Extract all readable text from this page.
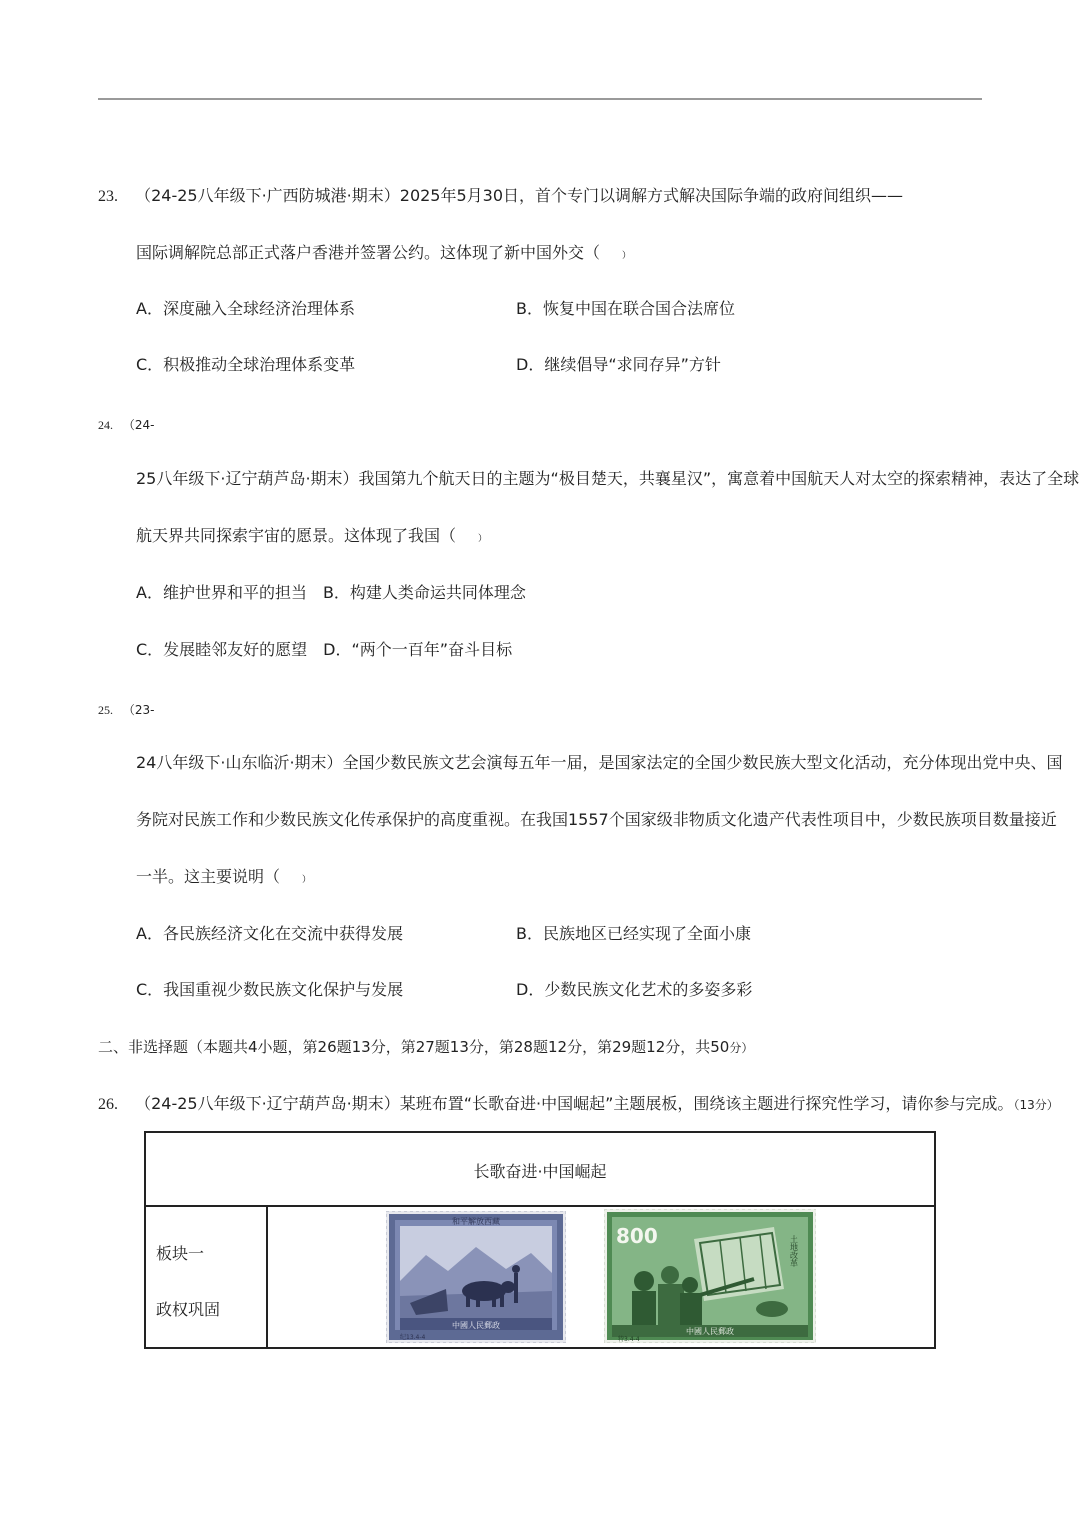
23. （24-25八年级下·广西防城港·期末）2025年5月30日，首个专门以调解方式解决国际争端的政府间组织——
国际调解院总部正式落户香港并签署公约。这体现了新中国外交（ ）
A．深度融入全球经济治理体系	B．恢复中国在联合国合法席位
C．积极推动全球治理体系变革	D．继续倡导“求同存异”方针
24. （24-
25八年级下·辽宁葫芦岛·期末）我国第九个航天日的主题为“极目楚天，共襄星汉”，寓意着中国航天人对太空的探索精神，表达了全球
航天界共同探索宇宙的愿景。这体现了我国（ ）
A．维护世界和平的担当　B．构建人类命运共同体理念
C．发展睦邻友好的愿望　D．“两个一百年”奋斗目标
25. （23-
24八年级下·山东临沂·期末）全国少数民族文艺会演每五年一届，是国家法定的全国少数民族大型文化活动，充分体现出党中央、国
务院对民族工作和少数民族文化传承保护的高度重视。在我国1557个国家级非物质文化遗产代表性项目中，少数民族项目数量接近
一半。这主要说明（ ）
A．各民族经济文化在交流中获得发展	B．民族地区已经实现了全面小康
C．我国重视少数民族文化保护与发展	D．少数民族文化艺术的多姿多彩
二、非选择题（本题共4小题，第26题13分，第27题13分，第28题12分，第29题12分，共50分）
26. （24-25八年级下·辽宁葫芦岛·期末）某班布置“长歌奋进·中国崛起”主题展板，围绕该主题进行探究性学习，请你参与完成。（13分）
长歌奋进·中国崛起
板块一
政权巩固
和平解放西藏
中國人民郵政
纪13.4-4
800	土地改革
中國人民郵政
特3.4-4
